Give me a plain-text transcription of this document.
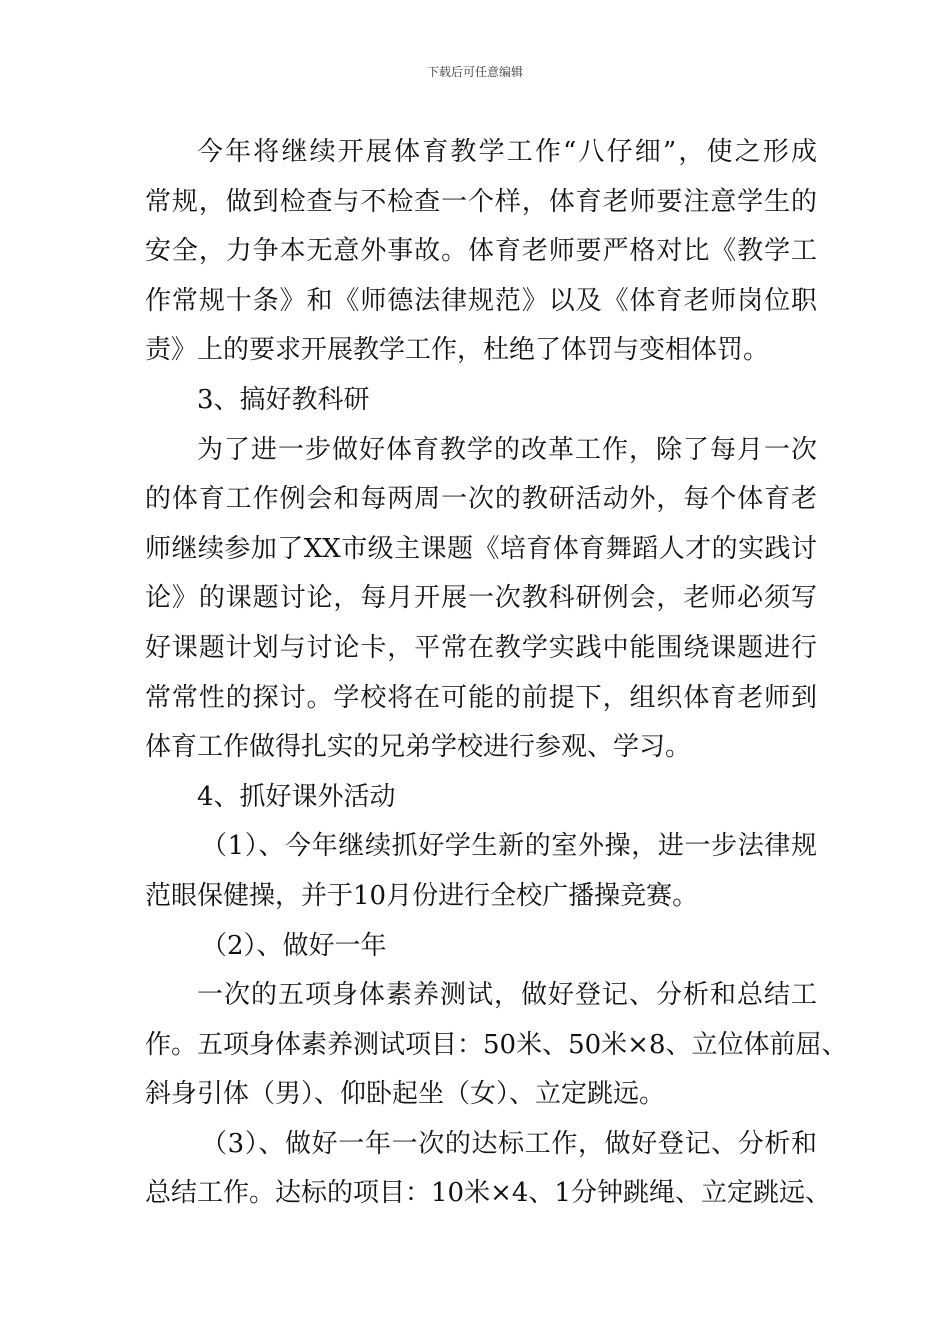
下载后可任意编辑
今年将继续开展体育教学工作“八仔细”，使之形成
常规，做到检查与不检查一个样，体育老师要注意学生的
安全，力争本无意外事故。体育老师要严格对比《教学工
作常规十条》和《师德法律规范》以及《体育老师岗位职
责》上的要求开展教学工作，杜绝了体罚与变相体罚。
3、搞好教科研
为了进一步做好体育教学的改革工作，除了每月一次
的体育工作例会和每两周一次的教研活动外，每个体育老
师继续参加了XX市级主课题《培育体育舞蹈人才的实践讨
论》的课题讨论，每月开展一次教科研例会，老师必须写
好课题计划与讨论卡，平常在教学实践中能围绕课题进行
常常性的探讨。学校将在可能的前提下，组织体育老师到
体育工作做得扎实的兄弟学校进行参观、学习。
4、抓好课外活动
（1）、今年继续抓好学生新的室外操，进一步法律规
范眼保健操，并于10月份进行全校广播操竞赛。
（2）、做好一年
一次的五项身体素养测试，做好登记、分析和总结工
作。五项身体素养测试项目：50米、50米×8、立位体前屈、
斜身引体（男）、仰卧起坐（女）、立定跳远。
（3）、做好一年一次的达标工作，做好登记、分析和
总结工作。达标的项目：10米×4、1分钟跳绳、立定跳远、
